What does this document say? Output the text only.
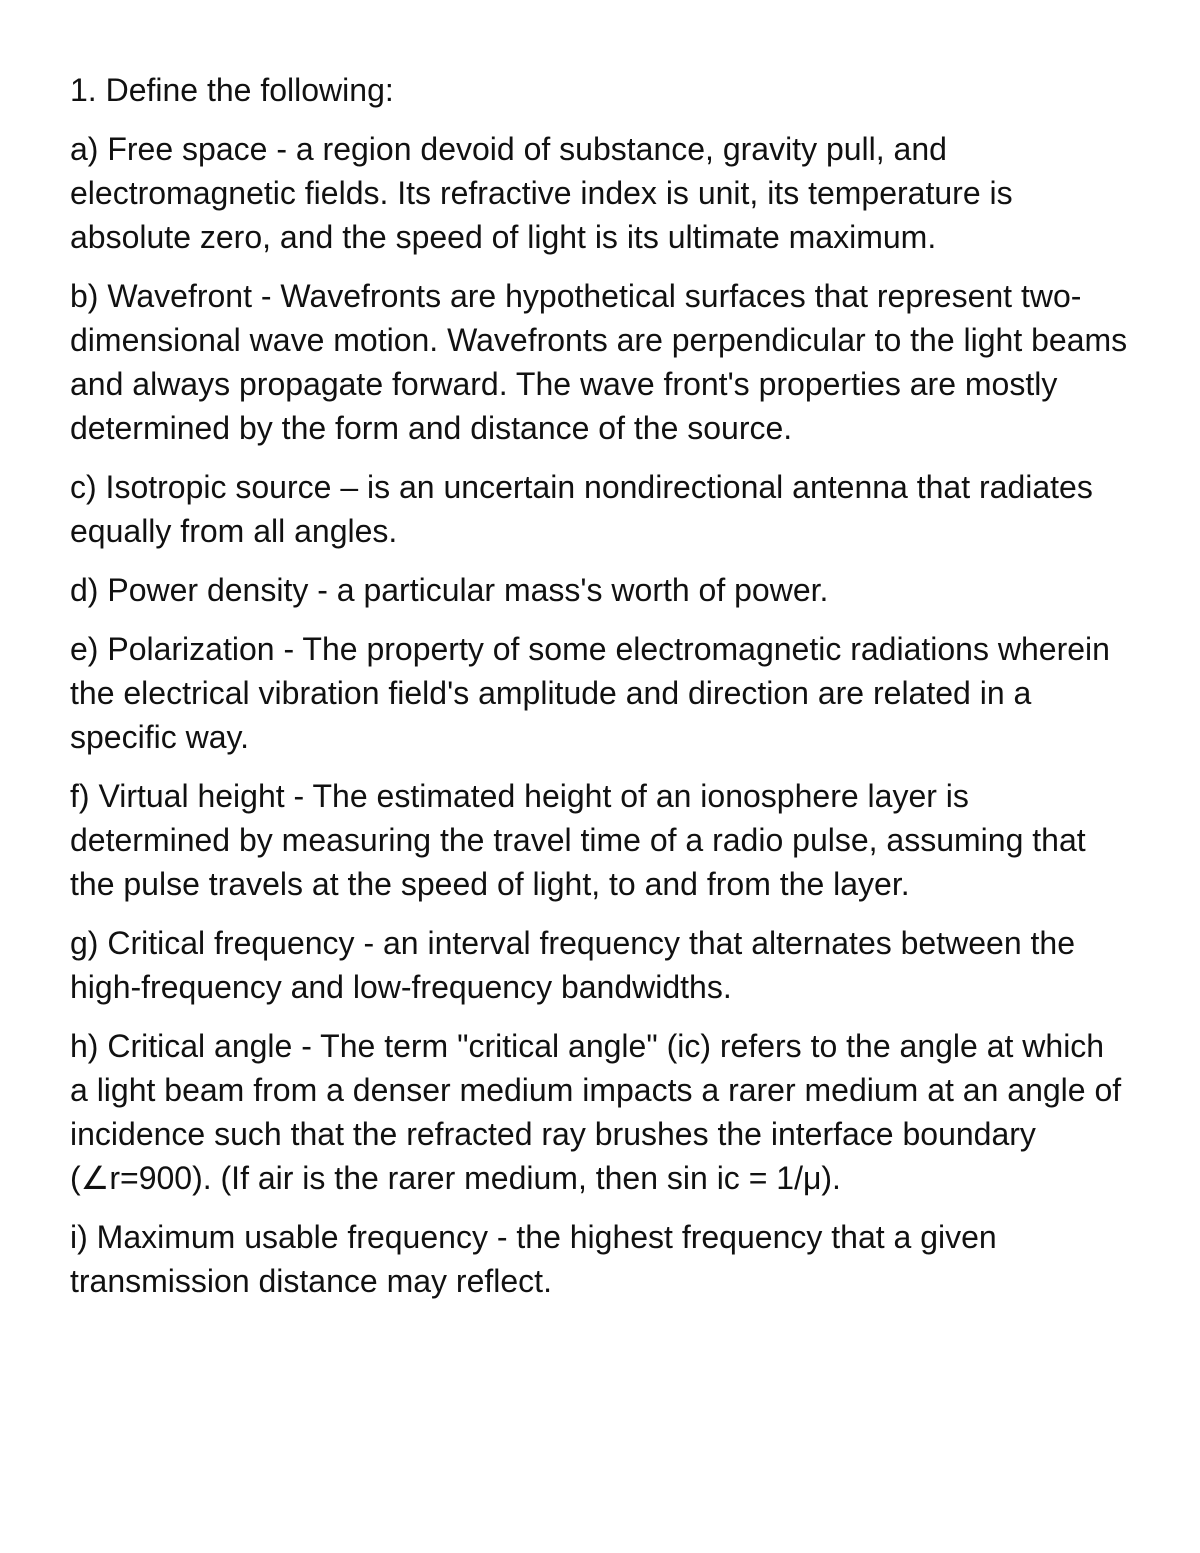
1. Define the following:

a) Free space - a region devoid of substance, gravity pull, and electromagnetic fields. Its refractive index is unit, its temperature is absolute zero, and the speed of light is its ultimate maximum.

b) Wavefront - Wavefronts are hypothetical surfaces that represent two-dimensional wave motion. Wavefronts are perpendicular to the light beams and always propagate forward. The wave front's properties are mostly determined by the form and distance of the source.

c) Isotropic source – is an uncertain nondirectional antenna that radiates equally from all angles.

d) Power density - a particular mass's worth of power.

e) Polarization - The property of some electromagnetic radiations wherein the electrical vibration field's amplitude and direction are related in a specific way.

f) Virtual height - The estimated height of an ionosphere layer is determined by measuring the travel time of a radio pulse, assuming that the pulse travels at the speed of light, to and from the layer.

g) Critical frequency - an interval frequency that alternates between the high-frequency and low-frequency bandwidths.

h) Critical angle - The term "critical angle" (ic) refers to the angle at which a light beam from a denser medium impacts a rarer medium at an angle of incidence such that the refracted ray brushes the interface boundary (∠r=900). (If air is the rarer medium, then sin ic = 1/μ).

i) Maximum usable frequency - the highest frequency that a given transmission distance may reflect.
